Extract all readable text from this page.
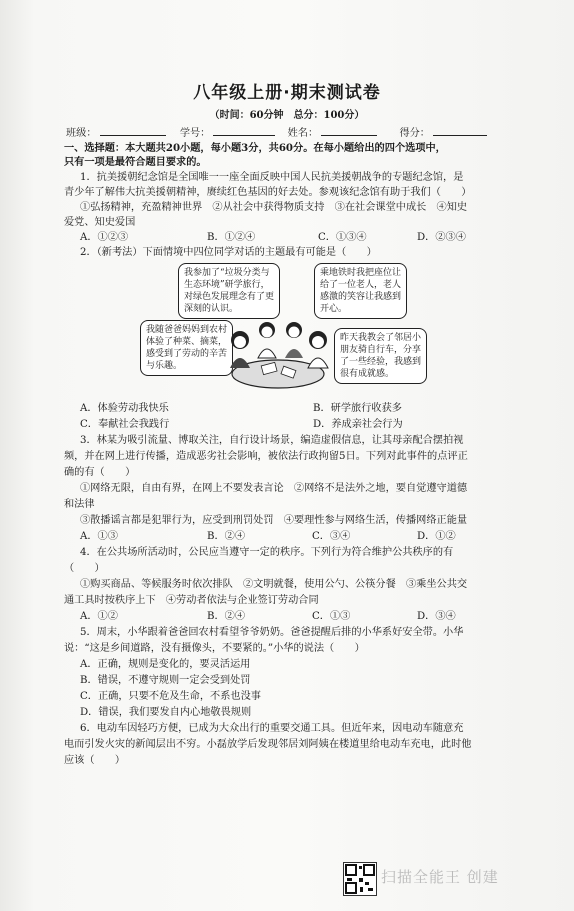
八年级上册·期末测试卷
（时间：60分钟　总分：100分）
班级：	学号：	姓名：	得分：
一、选择题：本大题共20小题，每小题3分，共60分。在每小题给出的四个选项中，
只有一项是最符合题目要求的。
1．抗美援朝纪念馆是全国唯一一座全面反映中国人民抗美援朝战争的专题纪念馆，是
青少年了解伟大抗美援朝精神，赓续红色基因的好去处。参观该纪念馆有助于我们（　　）
①弘扬精神，充盈精神世界　②从社会中获得物质支持　③在社会课堂中成长　④知史
爱党、知史爱国
A．①②③	B．①②④	C．①③④	D．②③④
2．（新考法）下面情境中四位同学对话的主题最有可能是（　　）
我参加了“垃圾分类与
生态环境”研学旅行，
对绿色发展理念有了更
深刻的认识。
乘地铁时我把座位让
给了一位老人，老人
感激的笑容让我感到
开心。
我随爸爸妈妈到农村
体验了种菜、摘菜，
感受到了劳动的辛苦
与乐趣。
昨天我教会了邻居小
朋友骑自行车，分享
了一些经验，我感到
很有成就感。
A．体验劳动我快乐	B．研学旅行收获多
C．奉献社会我践行	D．养成亲社会行为
3．林某为吸引流量、博取关注，自行设计场景，编造虚假信息，让其母亲配合摆拍视
频，并在网上进行传播，造成恶劣社会影响，被依法行政拘留5日。下列对此事件的点评正
确的有（　　）
①网络无限，自由有界，在网上不要发表言论　②网络不是法外之地，要自觉遵守道德
和法律
③散播谣言都是犯罪行为，应受到刑罚处罚　④要理性参与网络生活，传播网络正能量
A．①③	B．②④	C．③④	D．①②
4．在公共场所活动时，公民应当遵守一定的秩序。下列行为符合维护公共秩序的有
（　　）
①购买商品、等候服务时依次排队　②文明就餐，使用公勺、公筷分餐　③乘坐公共交
通工具时按秩序上下　④劳动者依法与企业签订劳动合同
A．①②	B．②④	C．①③	D．③④
5．周末，小华跟着爸爸回农村看望爷爷奶奶。爸爸提醒后排的小华系好安全带。小华
说：“这是乡间道路，没有摄像头，不要紧的。”小华的说法（　　）
A．正确，规则是变化的，要灵活运用
B．错误，不遵守规则一定会受到处罚
C．正确，只要不危及生命，不系也没事
D．错误，我们要发自内心地敬畏规则
6．电动车因轻巧方便，已成为大众出行的重要交通工具。但近年来，因电动车随意充
电而引发火灾的新闻层出不穷。小磊放学后发现邻居刘阿姨在楼道里给电动车充电，此时他
应该（　　）
扫描全能王 创建
